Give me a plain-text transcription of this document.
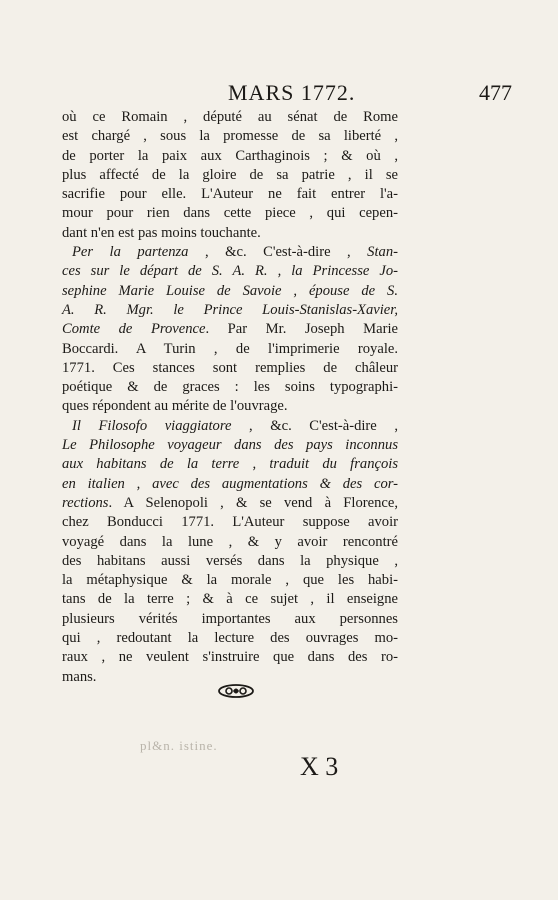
MARS 1772.	477
où ce Romain , député au sénat de Rome
est chargé , sous la promesse de sa liberté ,
de porter la paix aux Carthaginois ; & où ,
plus affecté de la gloire de sa patrie , il se
sacrifie pour elle. L'Auteur ne fait entrer l'a-
mour pour rien dans cette piece , qui cepen-
dant n'en est pas moins touchante.
Per la partenza , &c. C'est-à-dire , Stan-
ces sur le départ de S. A. R. , la Princesse Jo-
sephine Marie Louise de Savoie , épouse de S.
A. R. Mgr. le Prince Louis-Stanislas-Xavier,
Comte de Provence. Par Mr. Joseph Marie
Boccardi. A Turin , de l'imprimerie royale.
1771. Ces stances sont remplies de châleur
poétique & de graces : les soins typographi-
ques répondent au mérite de l'ouvrage.
Il Filosofo viaggiatore , &c. C'est-à-dire ,
Le Philosophe voyageur dans des pays inconnus
aux habitans de la terre , traduit du françois
en italien , avec des augmentations & des cor-
rections. A Selenopoli , & se vend à Florence,
chez Bonducci 1771. L'Auteur suppose avoir
voyagé dans la lune , & y avoir rencontré
des habitans aussi versés dans la physique ,
la métaphysique & la morale , que les habi-
tans de la terre ; & à ce sujet , il enseigne
plusieurs vérités importantes aux personnes
qui , redoutant la lecture des ouvrages mo-
raux , ne veulent s'instruire que dans des ro-
mans.
pl&n. istine.
X 3
